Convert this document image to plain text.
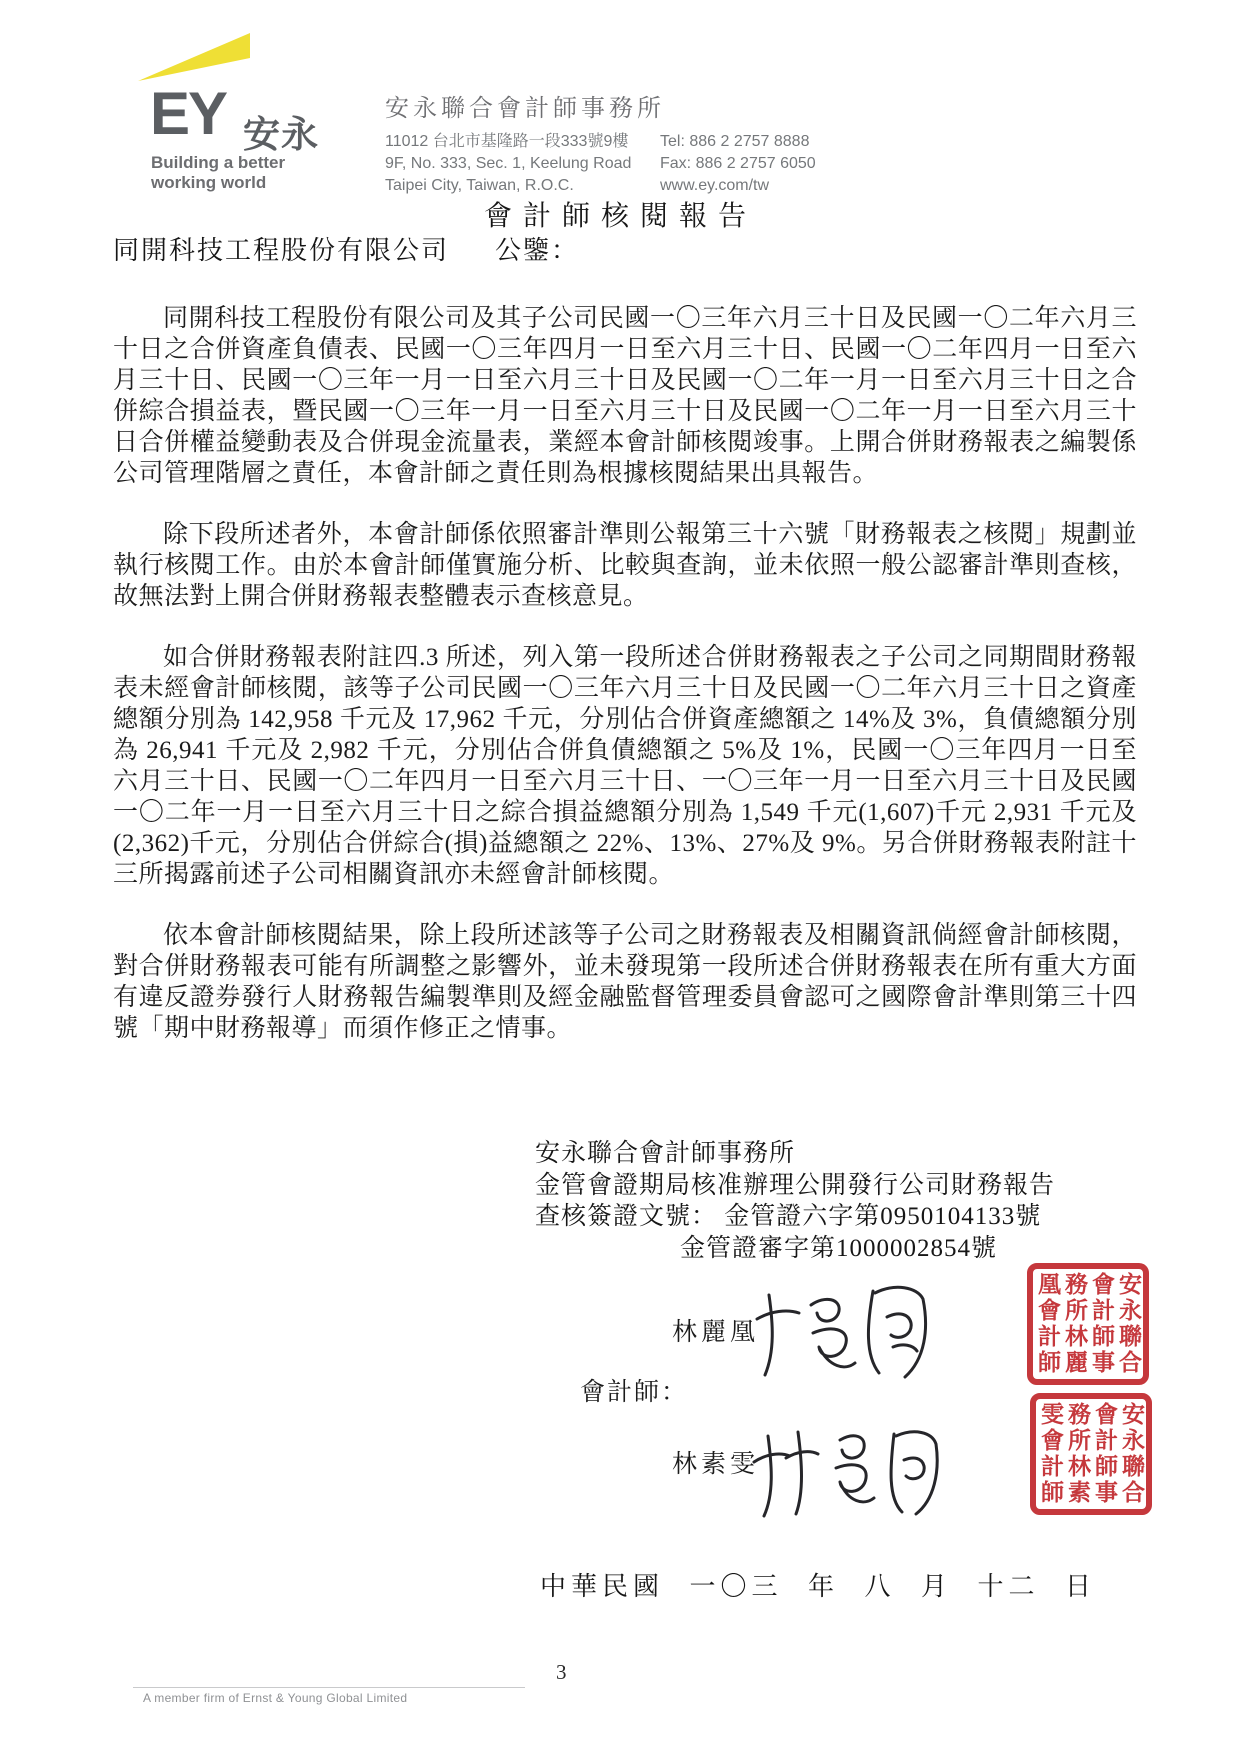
EY 安永
Building a better
working world
安永聯合會計師事務所
11012 台北市基隆路一段333號9樓
9F, No. 333, Sec. 1, Keelung Road
Taipei City, Taiwan, R.O.C.
Tel: 886 2 2757 8888
Fax: 886 2 2757 6050
www.ey.com/tw
會計師核閱報告
同開科技工程股份有限公司 公鑒：

同開科技工程股份有限公司及其子公司民國一〇三年六月三十日及民國一〇二年六月三十日之合併資產負債表、民國一〇三年四月一日至六月三十日、民國一〇二年四月一日至六月三十日、民國一〇三年一月一日至六月三十日及民國一〇二年一月一日至六月三十日之合併綜合損益表，暨民國一〇三年一月一日至六月三十日及民國一〇二年一月一日至六月三十日合併權益變動表及合併現金流量表，業經本會計師核閱竣事。上開合併財務報表之編製係公司管理階層之責任，本會計師之責任則為根據核閱結果出具報告。

除下段所述者外，本會計師係依照審計準則公報第三十六號「財務報表之核閱」規劃並執行核閱工作。由於本會計師僅實施分析、比較與查詢，並未依照一般公認審計準則查核，故無法對上開合併財務報表整體表示查核意見。

如合併財務報表附註四.3 所述，列入第一段所述合併財務報表之子公司之同期間財務報表未經會計師核閱，該等子公司民國一〇三年六月三十日及民國一〇二年六月三十日之資產總額分別為 142,958 千元及 17,962 千元，分別佔合併資產總額之 14%及 3%，負債總額分別為 26,941 千元及 2,982 千元，分別佔合併負債總額之 5%及 1%，民國一〇三年四月一日至六月三十日、民國一〇二年四月一日至六月三十日、一〇三年一月一日至六月三十日及民國一〇二年一月一日至六月三十日之綜合損益總額分別為 1,549 千元(1,607)千元 2,931 千元及(2,362)千元，分別佔合併綜合(損)益總額之 22%、13%、27%及 9%。另合併財務報表附註十三所揭露前述子公司相關資訊亦未經會計師核閱。

依本會計師核閱結果，除上段所述該等子公司之財務報表及相關資訊倘經會計師核閱，對合併財務報表可能有所調整之影響外，並未發現第一段所述合併財務報表在所有重大方面有違反證券發行人財務報告編製準則及經金融監督管理委員會認可之國際會計準則第三十四號「期中財務報導」而須作修正之情事。

安永聯合會計師事務所
金管會證期局核准辦理公開發行公司財務報告
查核簽證文號： 金管證六字第0950104133號
金管證審字第1000002854號
會計師：
林麗凰
林素雯
安永聯合會計師事務所林麗凰會計師
安永聯合會計師事務所林素雯會計師
中華民國 一〇三 年 八 月 十二 日
3
A member firm of Ernst & Young Global Limited
